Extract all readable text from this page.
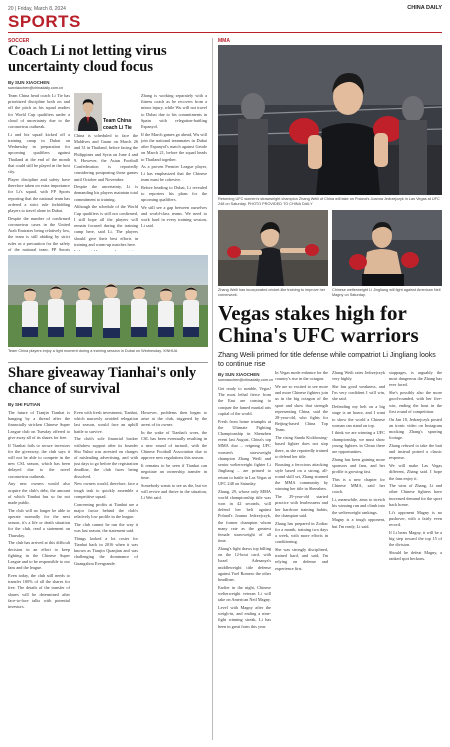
20 | Friday, March 8, 2024	CHINA DAILY
SPORTS
SOCCER
Coach Li not letting virus uncertainty cloud focus
By SUN XIAOCHEN
sunxiaochen@chinadaily.com.cn

Team China head coach Li Tie has prioritized discipline both on and off the pitch as his squad readies for World Cup qualifiers under a cloud of uncertainty due to the coronavirus outbreak.

Li and his squad kicked off a training camp in Dubai on Wednesday in preparation for upcoming qualifiers against Thailand at the end of the month that could still be played in the host city.

Player discipline and safety have therefore taken on extra importance for Li's squad, with FP Sports reporting that the national team has ordered a strict rule forbidding players to travel alone in Dubai.

Despite the number of confirmed coronavirus cases in the United Arab Emirates being relatively low, the team is still abiding by strict rules as a precaution for the safety of the national team, FP Sports

China is scheduled to face the Maldives and Guam on March 26 and 31 in Thailand, before facing the Philippines and Syria on June 4 and 9. However, the Asian Football Confederation is reportedly considering postponing those games until October and November.

Despite the uncertainty, Li is demanding his players maintain total commitment to training.

Although the schedule of the World Cup qualifiers is still not confirmed, I still hope all the players will remain focused during the training camp here, said Li. The players should give their best efforts in training and warm-up matches here.

Team China coach Li Tie

Zhang is working separately with a fitness coach as he recovers from a minor injury, while Wu will not travel to Dubai due to his commitments in Spain with relegation-battling Espanyol.

If the March games go ahead, Wu will join the national teammates in Dubai after Espanyol's match against Getafe on March 21, before the squad heads to Thailand together.

As a proven Premier League player, Li has emphasized that the Chinese team must be cohesive.

Before heading to Dubai, Li revealed to reporters his plans for the upcoming qualifiers.

We still see a gap between ourselves and world-class teams. We need to work hard in every training session, Li said.

Team China players enjoy a light moment during a training session in Dubai on Wednesday. XINHUA
Share giveaway Tianhai's only chance of survival
By SHI FUTIAN

The future of Tianjin Tianhai is hanging by a thread after the financially stricken Chinese Super League club on Tuesday offered to give away all of its shares for free.

If Tianhai fails to secure investors for the giveaway, the club says it will not be able to compete in the new CSL season, which has been delayed due to the novel coronavirus outbreak.

Any new owners would also acquire the club's debt, the amount of which Tianhai has so far not made public.

The club will no longer be able to operate normally for the next season, it's a life or death situation for the club, read a statement on Thursday.

The club has arrived at this difficult decision in an effort to keep fighting in the Chinese Super League and to be responsible to our fans and the league.

Even today, the club still needs to transfer 100% of all the shares for free. The details of the transfer of shares will be determined after face-to-face talks with potential investors.

Even with fresh investment, Tianhai, which narrowly avoided relegation last season, would face an uphill battle to survive.

The club's sole financial backer withdrew support after its founder Shu Yuhui was arrested on charges of misleading advertising, and with just days to go before the registration deadline, the club faces being dissolved.

New owners would, therefore, face a tough task to quickly assemble a competitive squad.

Concerning profits at Tianhai are a major factor behind the club's relatively low profile in the league.

The club cannot be run the way it was last season, the statement said.

Things looked a lot rosier for Tianhai back in 2016 when it was known as Tianjin Quanjian and was challenging the dominance of Guangzhou Evergrande.

However, problems then began to arise at the club, triggered by the arrest of its owner.

In the wake of Tianhai's woes, the CSL has been eventually resulting in a new round of turmoil, with the Chinese Football Association due to approve new regulations this season.

It remains to be seen if Tianhai can negotiate an ownership transfer in time.

Somebody wants to see us die, but we will revive and thrive in the situation, Li Wei said.

MMA
Returning UFC women's strawweight champion Zhang Weili of China will take on Poland's Joanna Jedrzejczyk in Las Vegas at UFC 248 on Saturday. PHOTO PROVIDED TO CHINA DAILY
Zhang Weili has incorporated cricket-like training to improve her cornerwork.
Chinese welterweight Li Jingliang will fight against American Neil Magny on Saturday.
Vegas stakes high for China's UFC warriors
Zhang Weili primed for title defense while compatriot Li Jingliang looks to continue rise
By SUN XIAOCHEN
sunxiaochen@chinadaily.com.cn

Get ready to rumble, Vegas! The most lethal fierce from the East are coming to conquer the famed martial arts capital of the world.

Fresh from home triumphs at the Ultimate Fighting Championship in Shenzhen event last August, China's top MMA duo – reigning UFC women's strawweight champion Zhang Weili and senior welterweight fighter Li Jingliang – are primed to return to battle in Las Vegas at UFC 248 on Saturday.

Zhang, 29, whose only MMA world championship title was won in 42 seconds, will defend her belt against Poland's Joanna Jedrzejczyk, the former champion whom many rate as the greatest female strawweight of all time.

Zhang's fight draws top billing on the 12-bout card, with Israel Adesanya's middleweight title defense against Yoel Romero the other headliner.

Earlier in the night, Chinese welterweight veteran Li will take on American Neil Magny.

Level with Magny after the weigh-in, and ending a nine-fight winning streak, Li has been in great form this year.

In Vegas mode enhance for the country's rise in the octagon.

We are so excited to see more and more Chinese fighters join us in the big octagon of the sport and show that strength representing China, said the 28-year-old, who fights for Beijing-based China Top Team.

The rising Sanda Kickboxing-based fighter does not stop there, as she reportedly trained to defend her title.

Boasting a ferocious attacking style based on a strong, all-round skill set, Zhang stunned the MMA community by winning her title in Shenzhen.

The 29-year-old started practice with fearlessness and her hardcore training habits, the champion said.

Zhang has prepared in Zodiac for a month, training two days a week, with more efforts in conditioning.

She was strongly disciplined, trained hard, and said, I'm relying on defense and experience first.

Zhang Weili rates Jedrzejczyk very highly.

She has good weakness, and I'm very confident I will win, she said.

Defending my belt on a big stage is an honor, and I want to show the world a Chinese woman can stand on top.

I think we are winning a UFC championship, we must show young fighters in China there are opportunities.

Zhang has been gaining more sponsors and fans, and her profile is growing fast.

This is a new chapter for Chinese MMA, said her coach.

Li, meanwhile, aims to stretch his winning run and climb into the welterweight rankings.

Magny is a tough opponent, but I'm ready, Li said.

stoppages, is arguably the most dangerous the Zhang has ever faced.

She's possibly also the more good-rounded, with her five-win, ending the bout in the first round of competition.

On Jan 18, Jedrzejczyk posted an ironic video on Instagram mocking Zhang's sparring footage.

Zhang refused to take the bait and instead posted a classic response.

We will make Las Vegas different, Zhang said. I hope the fans enjoy it.

The wins of Zhang, Li and other Chinese fighters have increased demand for the sport back home.

Li's opponent Magny is no pushover, with a fairly even record.

If Li beats Magny, it will be a big step toward the top 15 of the division.

Should he defeat Magny, a ranked spot beckons.
